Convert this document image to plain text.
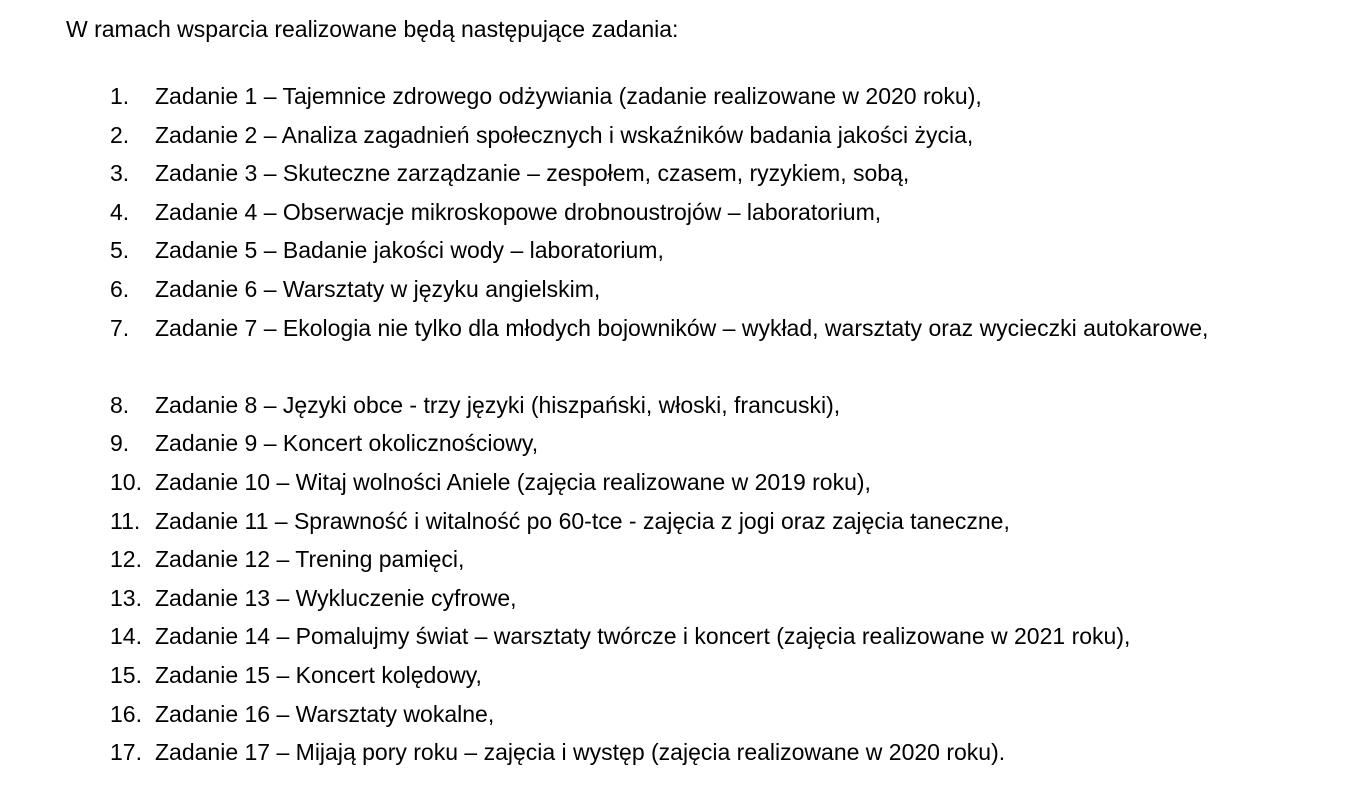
W ramach wsparcia realizowane będą następujące zadania:

1. Zadanie 1 – Tajemnice zdrowego odżywiania (zadanie realizowane w 2020 roku),
2. Zadanie 2 – Analiza zagadnień społecznych i wskaźników badania jakości życia,
3. Zadanie 3 – Skuteczne zarządzanie – zespołem, czasem, ryzykiem, sobą,
4. Zadanie 4 – Obserwacje mikroskopowe drobnoustrojów – laboratorium,
5. Zadanie 5 – Badanie jakości wody – laboratorium,
6. Zadanie 6 – Warsztaty w języku angielskim,
7. Zadanie 7 – Ekologia nie tylko dla młodych bojowników – wykład, warsztaty oraz wycieczki autokarowe,
8. Zadanie 8 – Języki obce - trzy języki (hiszpański, włoski, francuski),
9. Zadanie 9 – Koncert okolicznościowy,
10. Zadanie 10 – Witaj wolności Aniele (zajęcia realizowane w 2019 roku),
11. Zadanie 11 – Sprawność i witalność po 60-tce - zajęcia z jogi oraz zajęcia taneczne,
12. Zadanie 12 – Trening pamięci,
13. Zadanie 13 – Wykluczenie cyfrowe,
14. Zadanie 14 – Pomalujmy świat – warsztaty twórcze i koncert (zajęcia realizowane w 2021 roku),
15. Zadanie 15 – Koncert kolędowy,
16. Zadanie 16 – Warsztaty wokalne,
17. Zadanie 17 – Mijają pory roku – zajęcia i występ (zajęcia realizowane w 2020 roku).
